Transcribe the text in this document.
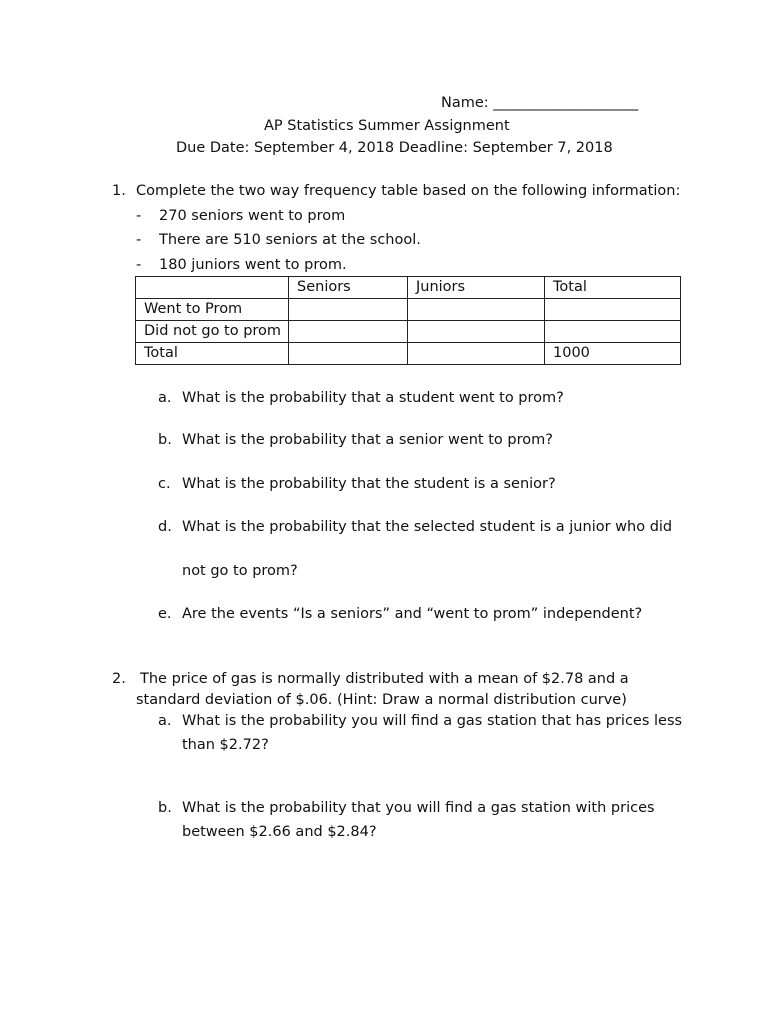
Name: ____________________
AP Statistics Summer Assignment
Due Date: September 4, 2018 Deadline: September 7, 2018
1. Complete the two way frequency table based on the following information:
- 270 seniors went to prom
- There are 510 seniors at the school.
- 180 juniors went to prom.
	Seniors	Juniors	Total
Went to Prom			
Did not go to prom			
Total			1000
a. What is the probability that a student went to prom?
b. What is the probability that a senior went to prom?
c. What is the probability that the student is a senior?
d. What is the probability that the selected student is a junior who did
not go to prom?
e. Are the events “Is a seniors” and “went to prom” independent?
2. The price of gas is normally distributed with a mean of $2.78 and a
standard deviation of $.06. (Hint: Draw a normal distribution curve)
a. What is the probability you will find a gas station that has prices less
than $2.72?
b. What is the probability that you will find a gas station with prices
between $2.66 and $2.84?
